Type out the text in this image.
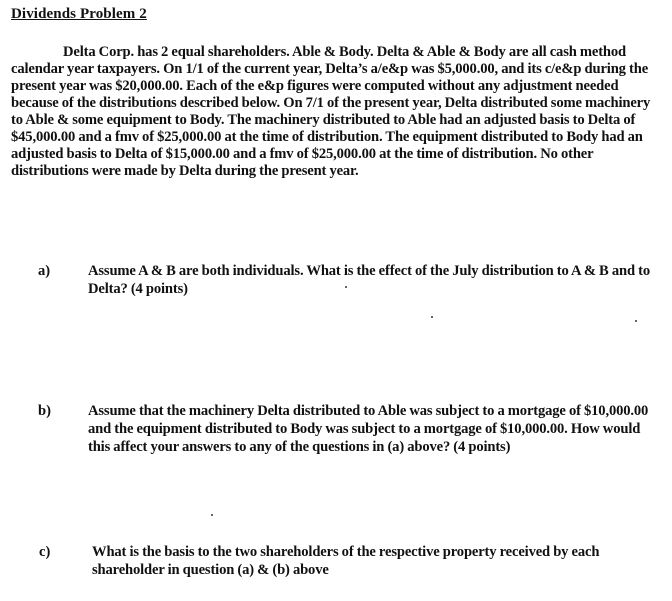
Dividends Problem 2

Delta Corp. has 2 equal shareholders. Able & Body. Delta & Able & Body are all cash method calendar year taxpayers. On 1/1 of the current year, Delta’s a/e&p was $5,000.00, and its c/e&p during the present year was $20,000.00. Each of the e&p figures were computed without any adjustment needed because of the distributions described below. On 7/1 of the present year, Delta distributed some machinery to Able & some equipment to Body. The machinery distributed to Able had an adjusted basis to Delta of $45,000.00 and a fmv of $25,000.00 at the time of distribution. The equipment distributed to Body had an adjusted basis to Delta of $15,000.00 and a fmv of $25,000.00 at the time of distribution. No other distributions were made by Delta during the present year.

a)	Assume A & B are both individuals. What is the effect of the July distribution to A & B and to Delta? (4 points)

b)	Assume that the machinery Delta distributed to Able was subject to a mortgage of $10,000.00 and the equipment distributed to Body was subject to a mortgage of $10,000.00. How would this affect your answers to any of the questions in (a) above? (4 points)

c)	What is the basis to the two shareholders of the respective property received by each shareholder in question (a) & (b) above
